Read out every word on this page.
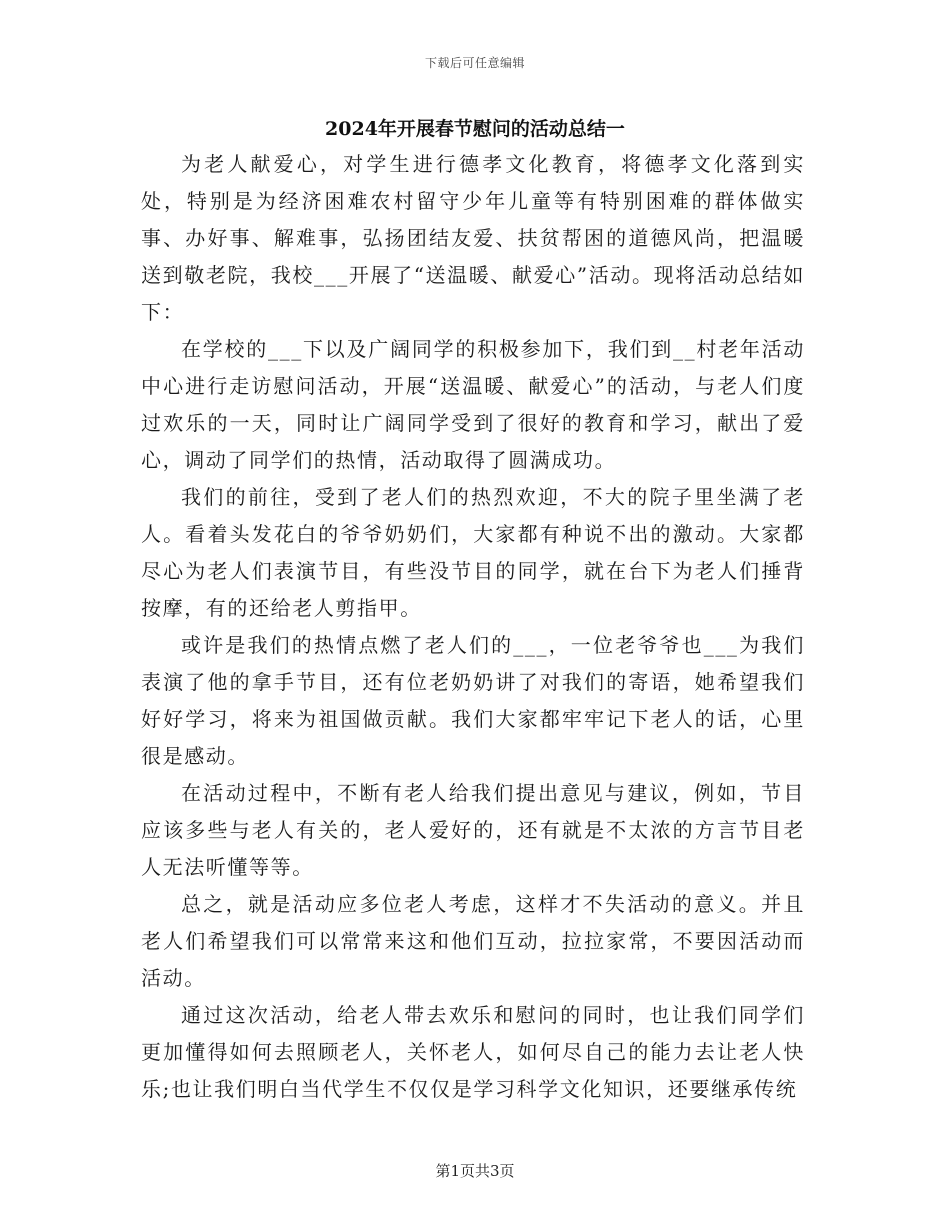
下载后可任意编辑
2024年开展春节慰问的活动总结一

为老人献爱心，对学生进行德孝文化教育，将德孝文化落到实处，特别是为经济困难农村留守少年儿童等有特别困难的群体做实事、办好事、解难事，弘扬团结友爱、扶贫帮困的道德风尚，把温暖送到敬老院，我校___开展了“送温暖、献爱心”活动。现将活动总结如下：

在学校的___下以及广阔同学的积极参加下，我们到__村老年活动中心进行走访慰问活动，开展“送温暖、献爱心”的活动，与老人们度过欢乐的一天，同时让广阔同学受到了很好的教育和学习，献出了爱心，调动了同学们的热情，活动取得了圆满成功。

我们的前往，受到了老人们的热烈欢迎，不大的院子里坐满了老人。看着头发花白的爷爷奶奶们，大家都有种说不出的激动。大家都尽心为老人们表演节目，有些没节目的同学，就在台下为老人们捶背按摩，有的还给老人剪指甲。

或许是我们的热情点燃了老人们的___，一位老爷爷也___为我们表演了他的拿手节目，还有位老奶奶讲了对我们的寄语，她希望我们好好学习，将来为祖国做贡献。我们大家都牢牢记下老人的话，心里很是感动。

在活动过程中，不断有老人给我们提出意见与建议，例如，节目应该多些与老人有关的，老人爱好的，还有就是不太浓的方言节目老人无法听懂等等。

总之，就是活动应多位老人考虑，这样才不失活动的意义。并且老人们希望我们可以常常来这和他们互动，拉拉家常，不要因活动而活动。

通过这次活动，给老人带去欢乐和慰问的同时，也让我们同学们更加懂得如何去照顾老人，关怀老人，如何尽自己的能力去让老人快乐;也让我们明白当代学生不仅仅是学习科学文化知识，还要继承传统

第1页共3页
